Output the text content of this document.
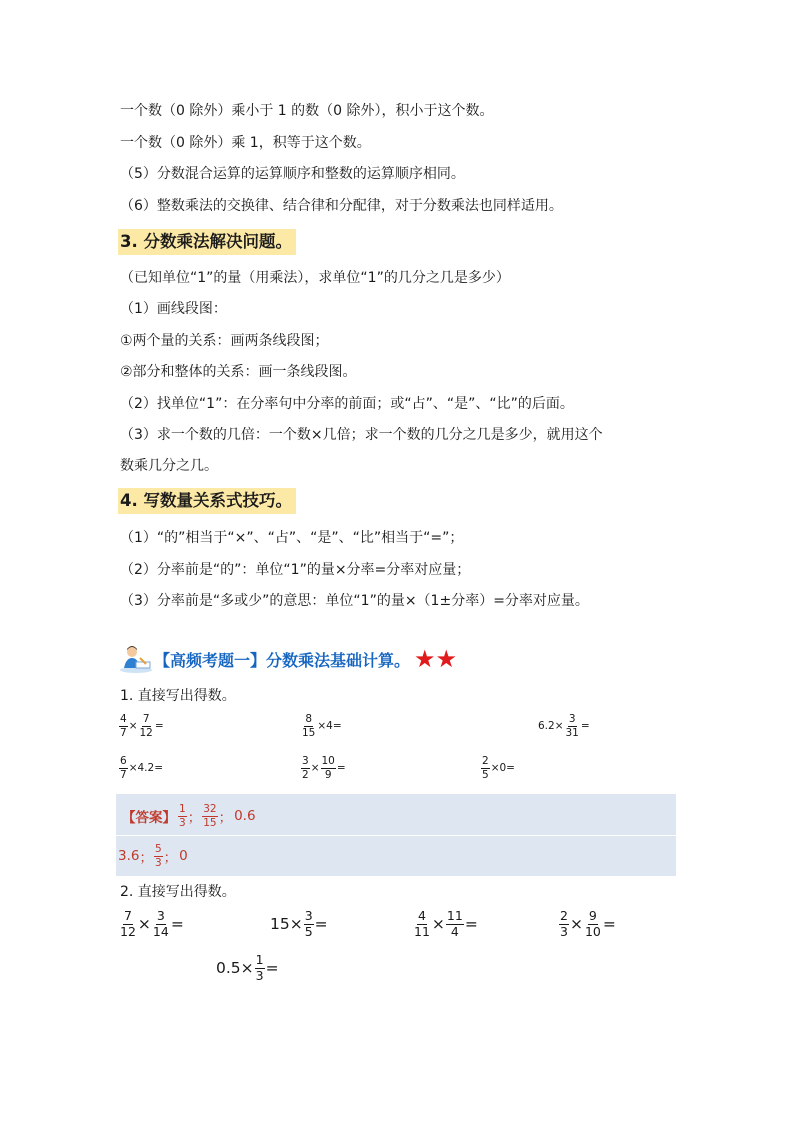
一个数（0 除外）乘小于 1 的数（0 除外），积小于这个数。
一个数（0 除外）乘 1，积等于这个数。
（5）分数混合运算的运算顺序和整数的运算顺序相同。
（6）整数乘法的交换律、结合律和分配律，对于分数乘法也同样适用。
3. 分数乘法解决问题。
（已知单位“1”的量（用乘法），求单位“1”的几分之几是多少）
（1）画线段图：
①两个量的关系：画两条线段图；
②部分和整体的关系：画一条线段图。
（2）找单位“1”：在分率句中分率的前面；或“占”、“是”、“比”的后面。
（3）求一个数的几倍：一个数×几倍；求一个数的几分之几是多少，就用这个
数乘几分之几。
4. 写数量关系式技巧。
（1）“的”相当于“×”、“占”、“是”、“比”相当于“=”；
（2）分率前是“的”：单位“1”的量×分率=分率对应量；
（3）分率前是“多或少”的意思：单位“1”的量×（1±分率）=分率对应量。
【高频考题一】分数乘法基础计算。 ★★
1. 直接写出得数。
$\frac{4}{7} \times \frac{7}{12}$ =	$\frac{8}{15} \times 4$ =	$6.2\times \frac{3}{31}$ =
$\frac{6}{7} \times 4.2$ =	$\frac{3}{2} \times \frac{10}{9}$ =	$\frac{2}{5} \times 0$ =
【答案】 $\frac{1}{3}$ ； $\frac{32}{15}$ ； 0.6
3.6 ； $\frac{5}{3}$ ； 0
2. 直接写出得数。
$\frac{7}{12} \times \frac{3}{14}$ =	$15\times \frac{3}{5}$ =	$\frac{4}{11} \times \frac{11}{4}$ =	$\frac{2}{3} \times \frac{9}{10}$ =
$0.5\times \frac{1}{3}$ =
